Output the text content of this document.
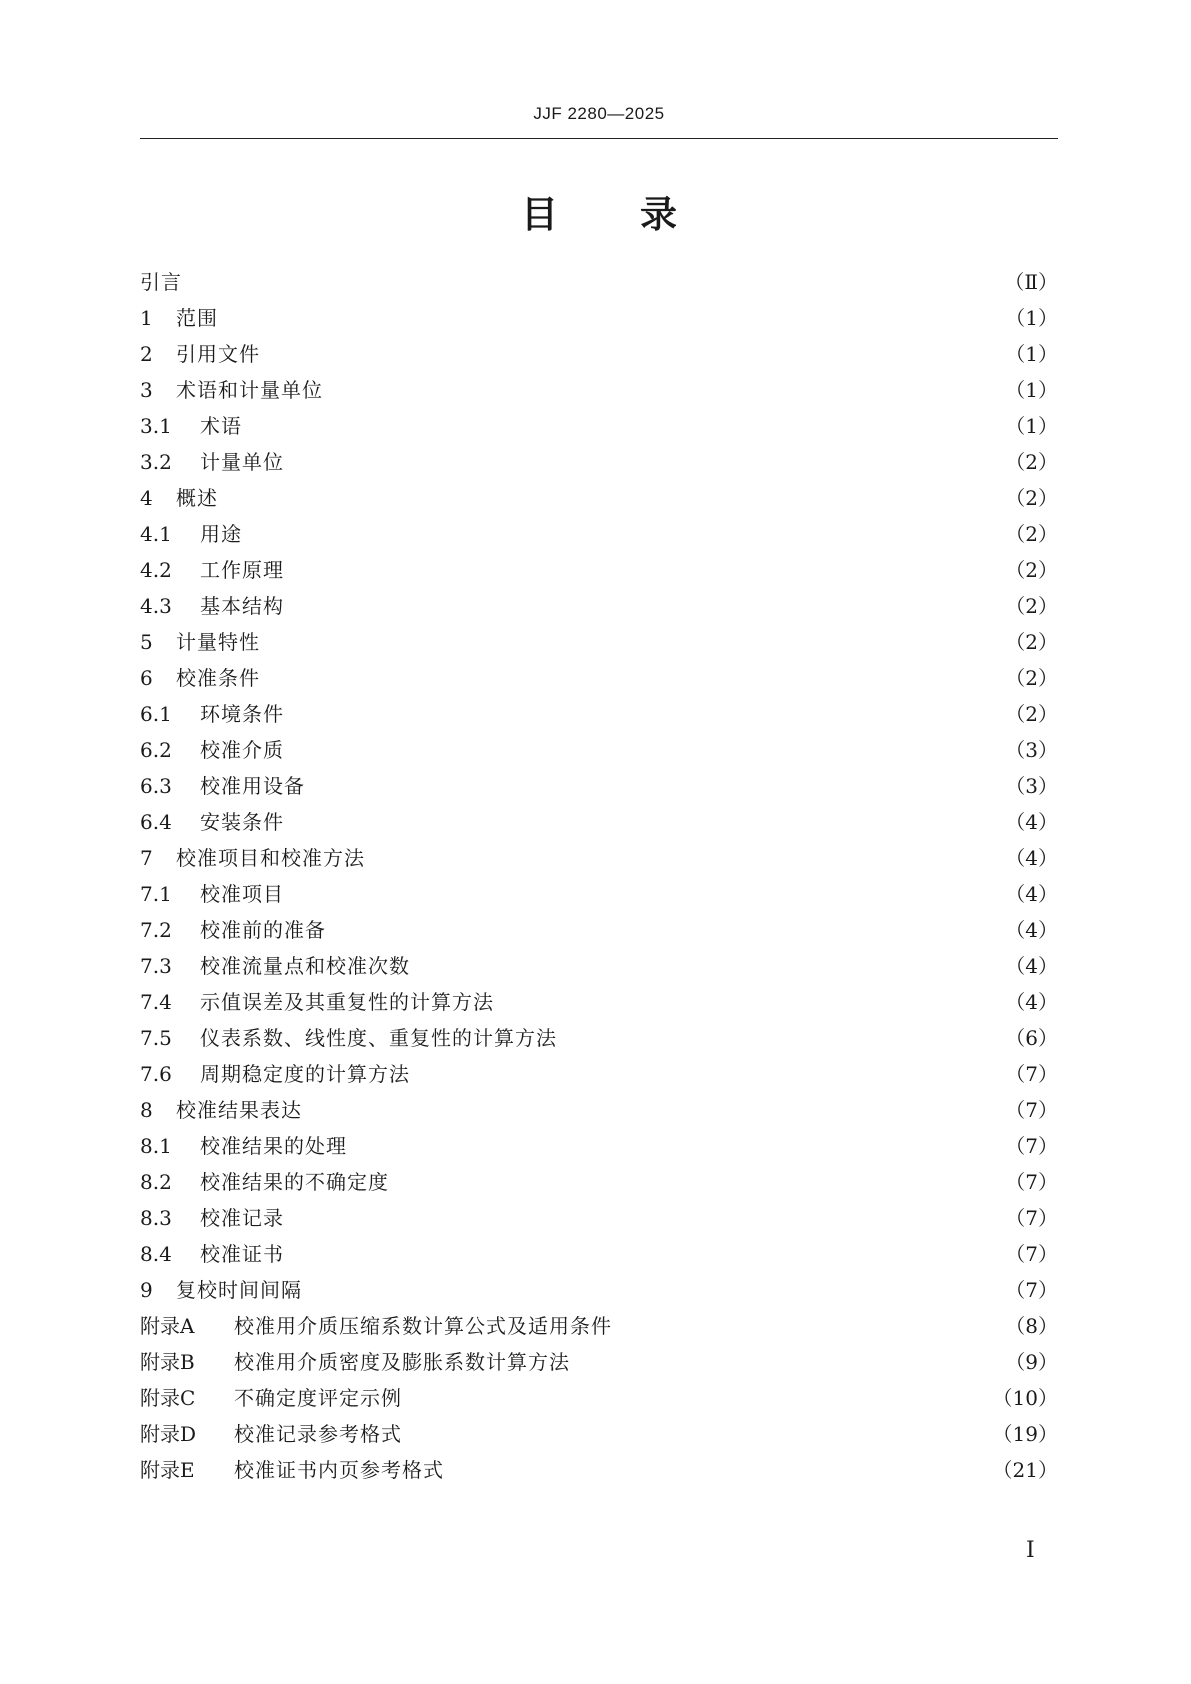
JJF 2280—2025
目录
引言	（Ⅱ）
1	范围	（1）
2	引用文件	（1）
3	术语和计量单位	（1）
3.1	术语	（1）
3.2	计量单位	（2）
4	概述	（2）
4.1	用途	（2）
4.2	工作原理	（2）
4.3	基本结构	（2）
5	计量特性	（2）
6	校准条件	（2）
6.1	环境条件	（2）
6.2	校准介质	（3）
6.3	校准用设备	（3）
6.4	安装条件	（4）
7	校准项目和校准方法	（4）
7.1	校准项目	（4）
7.2	校准前的准备	（4）
7.3	校准流量点和校准次数	（4）
7.4	示值误差及其重复性的计算方法	（4）
7.5	仪表系数、线性度、重复性的计算方法	（6）
7.6	周期稳定度的计算方法	（7）
8	校准结果表达	（7）
8.1	校准结果的处理	（7）
8.2	校准结果的不确定度	（7）
8.3	校准记录	（7）
8.4	校准证书	（7）
9	复校时间间隔	（7）
附录A	校准用介质压缩系数计算公式及适用条件	（8）
附录B	校准用介质密度及膨胀系数计算方法	（9）
附录C	不确定度评定示例	（10）
附录D	校准记录参考格式	（19）
附录E	校准证书内页参考格式	（21）
I
